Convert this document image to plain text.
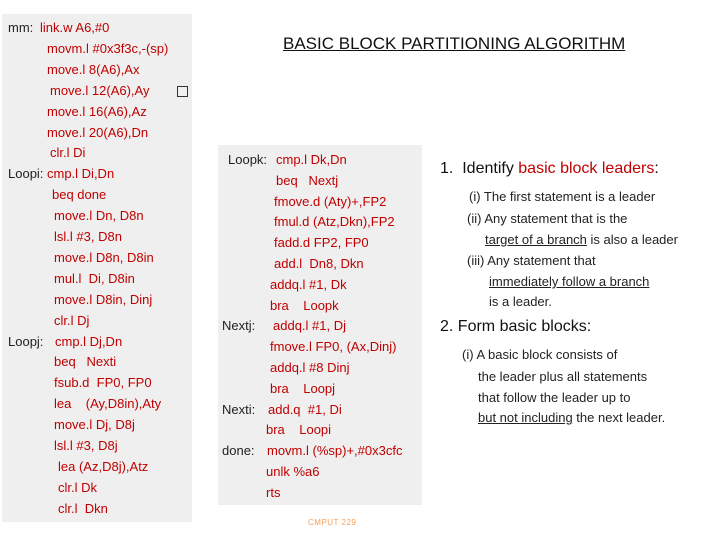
BASIC BLOCK PARTITIONING ALGORITHM
mm: link.w A6,#0
movm.l #0x3f3c,-(sp)
move.l 8(A6),Ax
move.l 12(A6),Ay
move.l 16(A6),Az
move.l 20(A6),Dn
clr.l Di
Loopi: cmp.l Di,Dn
beq done
move.l Dn, D8n
lsl.l #3, D8n
move.l D8n, D8in
mul.l  Di, D8in
move.l D8in, Dinj
clr.l Dj
Loopj: cmp.l Dj,Dn
beq   Nexti
fsub.d  FP0, FP0
lea    (Ay,D8in),Aty
move.l Dj, D8j
lsl.l #3, D8j
lea (Az,D8j),Atz
clr.l Dk
clr.l  Dkn
Loopk: cmp.l Dk,Dn
beq   Nextj
fmove.d (Aty)+,FP2
fmul.d (Atz,Dkn),FP2
fadd.d FP2, FP0
add.l  Dn8, Dkn
addq.l #1, Dk
bra    Loopk
Nextj: addq.l #1, Dj
fmove.l FP0, (Ax,Dinj)
addq.l #8 Dinj
bra    Loopj
Nexti: add.q  #1, Di
bra    Loopi
done: movm.l (%sp)+,#0x3cfc
unlk %a6
rts
1. Identify basic block leaders:
(i) The first statement is a leader
(ii) Any statement that is the
target of a branch is also a leader
(iii) Any statement that
immediately follow a branch
is a leader.
2. Form basic blocks:
(i) A basic block consists of
the leader plus all statements
that follow the leader up to
but not including the next leader.
CMPUT 229
